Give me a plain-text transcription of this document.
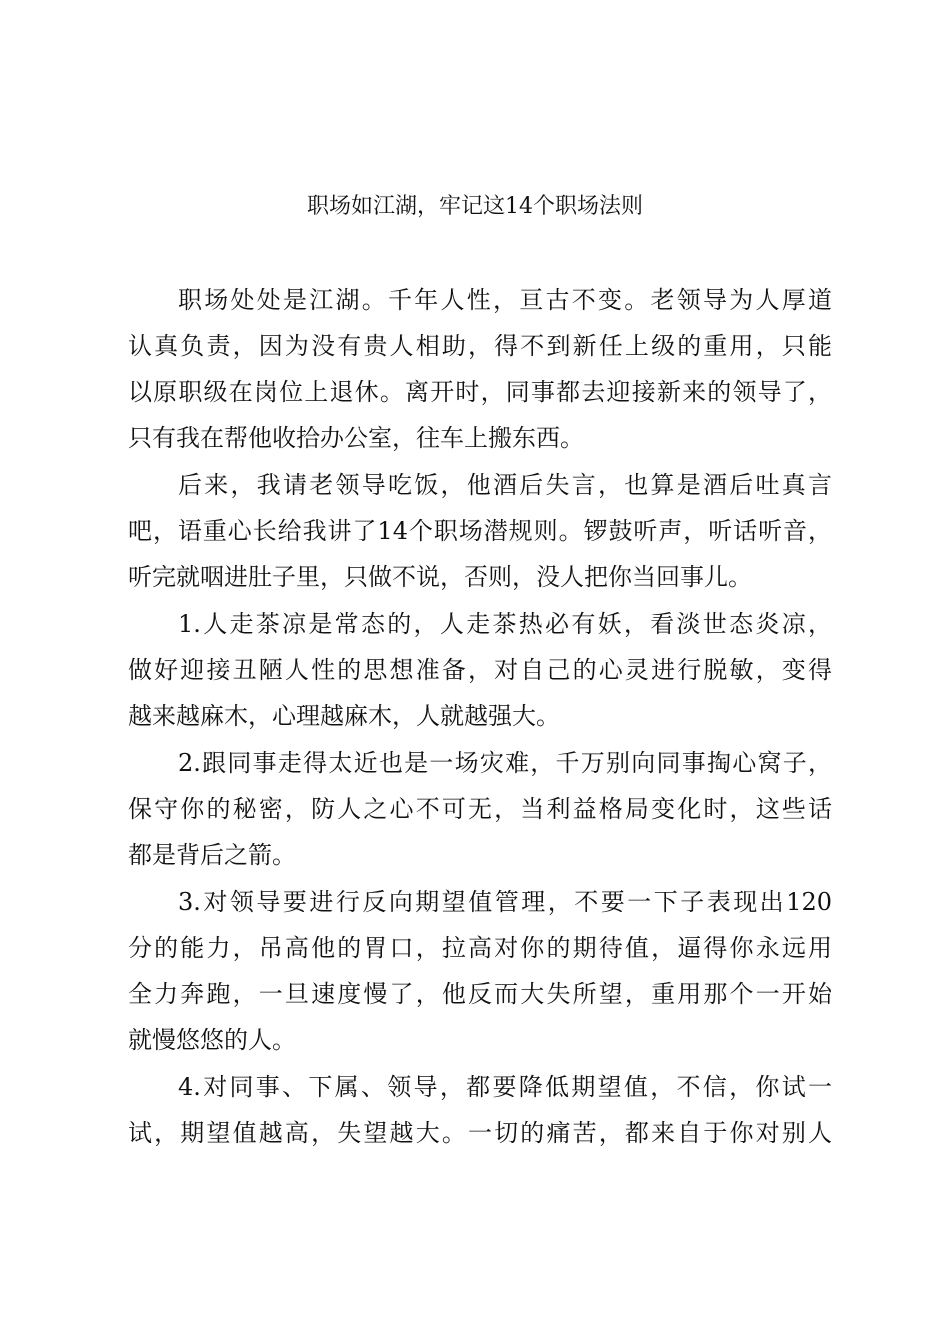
职场如江湖，牢记这14个职场法则
职场处处是江湖。千年人性，亘古不变。老领导为人厚道
认真负责，因为没有贵人相助，得不到新任上级的重用，只能
以原职级在岗位上退休。离开时，同事都去迎接新来的领导了，
只有我在帮他收拾办公室，往车上搬东西。
后来，我请老领导吃饭，他酒后失言，也算是酒后吐真言
吧，语重心长给我讲了14个职场潜规则。锣鼓听声，听话听音，
听完就咽进肚子里，只做不说，否则，没人把你当回事儿。
1.人走茶凉是常态的，人走茶热必有妖，看淡世态炎凉，
做好迎接丑陋人性的思想准备，对自己的心灵进行脱敏，变得
越来越麻木，心理越麻木，人就越强大。
2.跟同事走得太近也是一场灾难，千万别向同事掏心窝子，
保守你的秘密，防人之心不可无，当利益格局变化时，这些话
都是背后之箭。
3.对领导要进行反向期望值管理，不要一下子表现出120
分的能力，吊高他的胃口，拉高对你的期待值，逼得你永远用
全力奔跑，一旦速度慢了，他反而大失所望，重用那个一开始
就慢悠悠的人。
4.对同事、下属、领导，都要降低期望值，不信，你试一
试，期望值越高，失望越大。一切的痛苦，都来自于你对别人
